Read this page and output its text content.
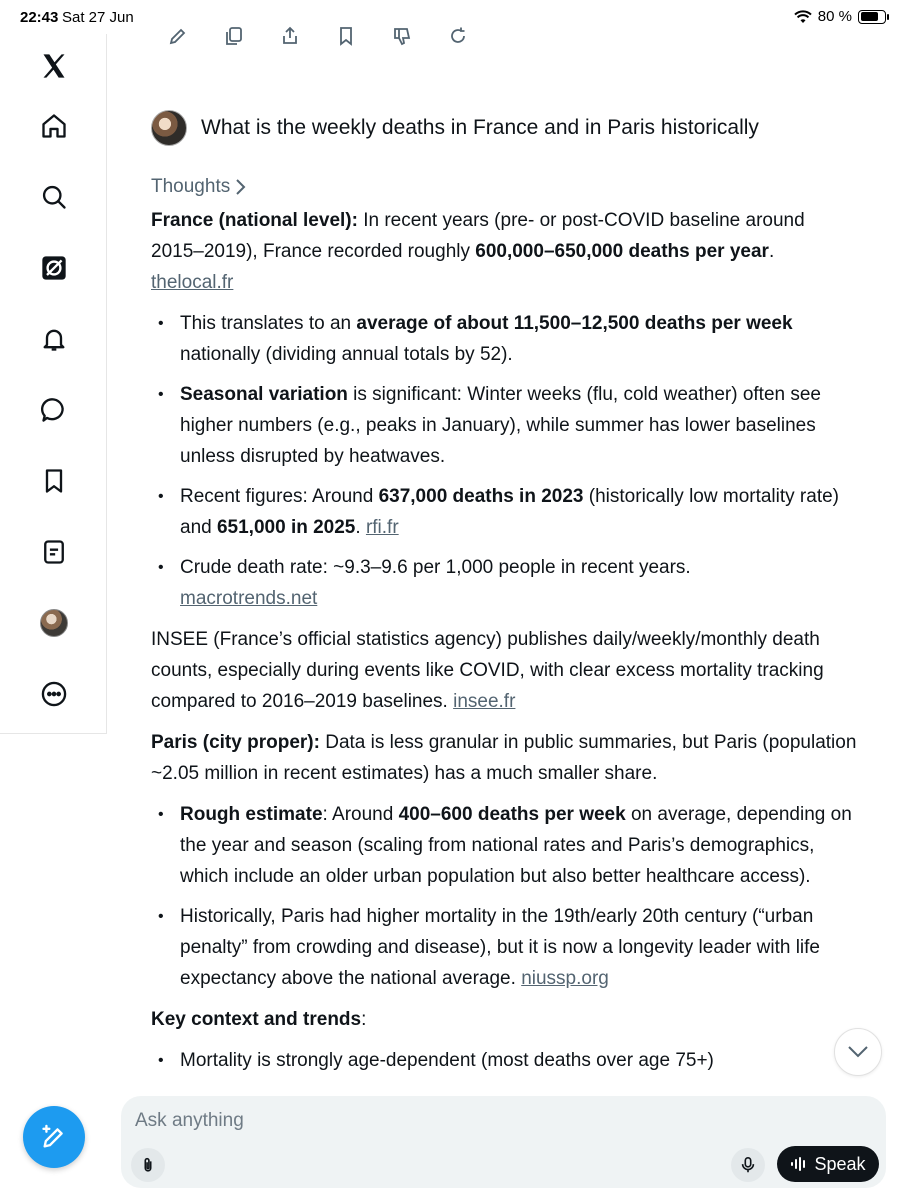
22:43 Sat 27 Jun	80 %
What is the weekly deaths in France and in Paris historically
Thoughts

France (national level): In recent years (pre- or post-COVID baseline around 2015–2019), France recorded roughly 600,000–650,000 deaths per year. thelocal.fr

• This translates to an average of about 11,500–12,500 deaths per week nationally (dividing annual totals by 52).
• Seasonal variation is significant: Winter weeks (flu, cold weather) often see higher numbers (e.g., peaks in January), while summer has lower baselines unless disrupted by heatwaves.
• Recent figures: Around 637,000 deaths in 2023 (historically low mortality rate) and 651,000 in 2025. rfi.fr
• Crude death rate: ~9.3–9.6 per 1,000 people in recent years.
macrotrends.net

INSEE (France’s official statistics agency) publishes daily/weekly/monthly death counts, especially during events like COVID, with clear excess mortality tracking compared to 2016–2019 baselines. insee.fr

Paris (city proper): Data is less granular in public summaries, but Paris (population ~2.05 million in recent estimates) has a much smaller share.

• Rough estimate: Around 400–600 deaths per week on average, depending on the year and season (scaling from national rates and Paris’s demographics, which include an older urban population but also better healthcare access).
• Historically, Paris had higher mortality in the 19th/early 20th century (“urban penalty” from crowding and disease), but it is now a longevity leader with life expectancy above the national average. niussp.org

Key context and trends:

• Mortality is strongly age-dependent (most deaths over age 75+)
Ask anything
Speak
